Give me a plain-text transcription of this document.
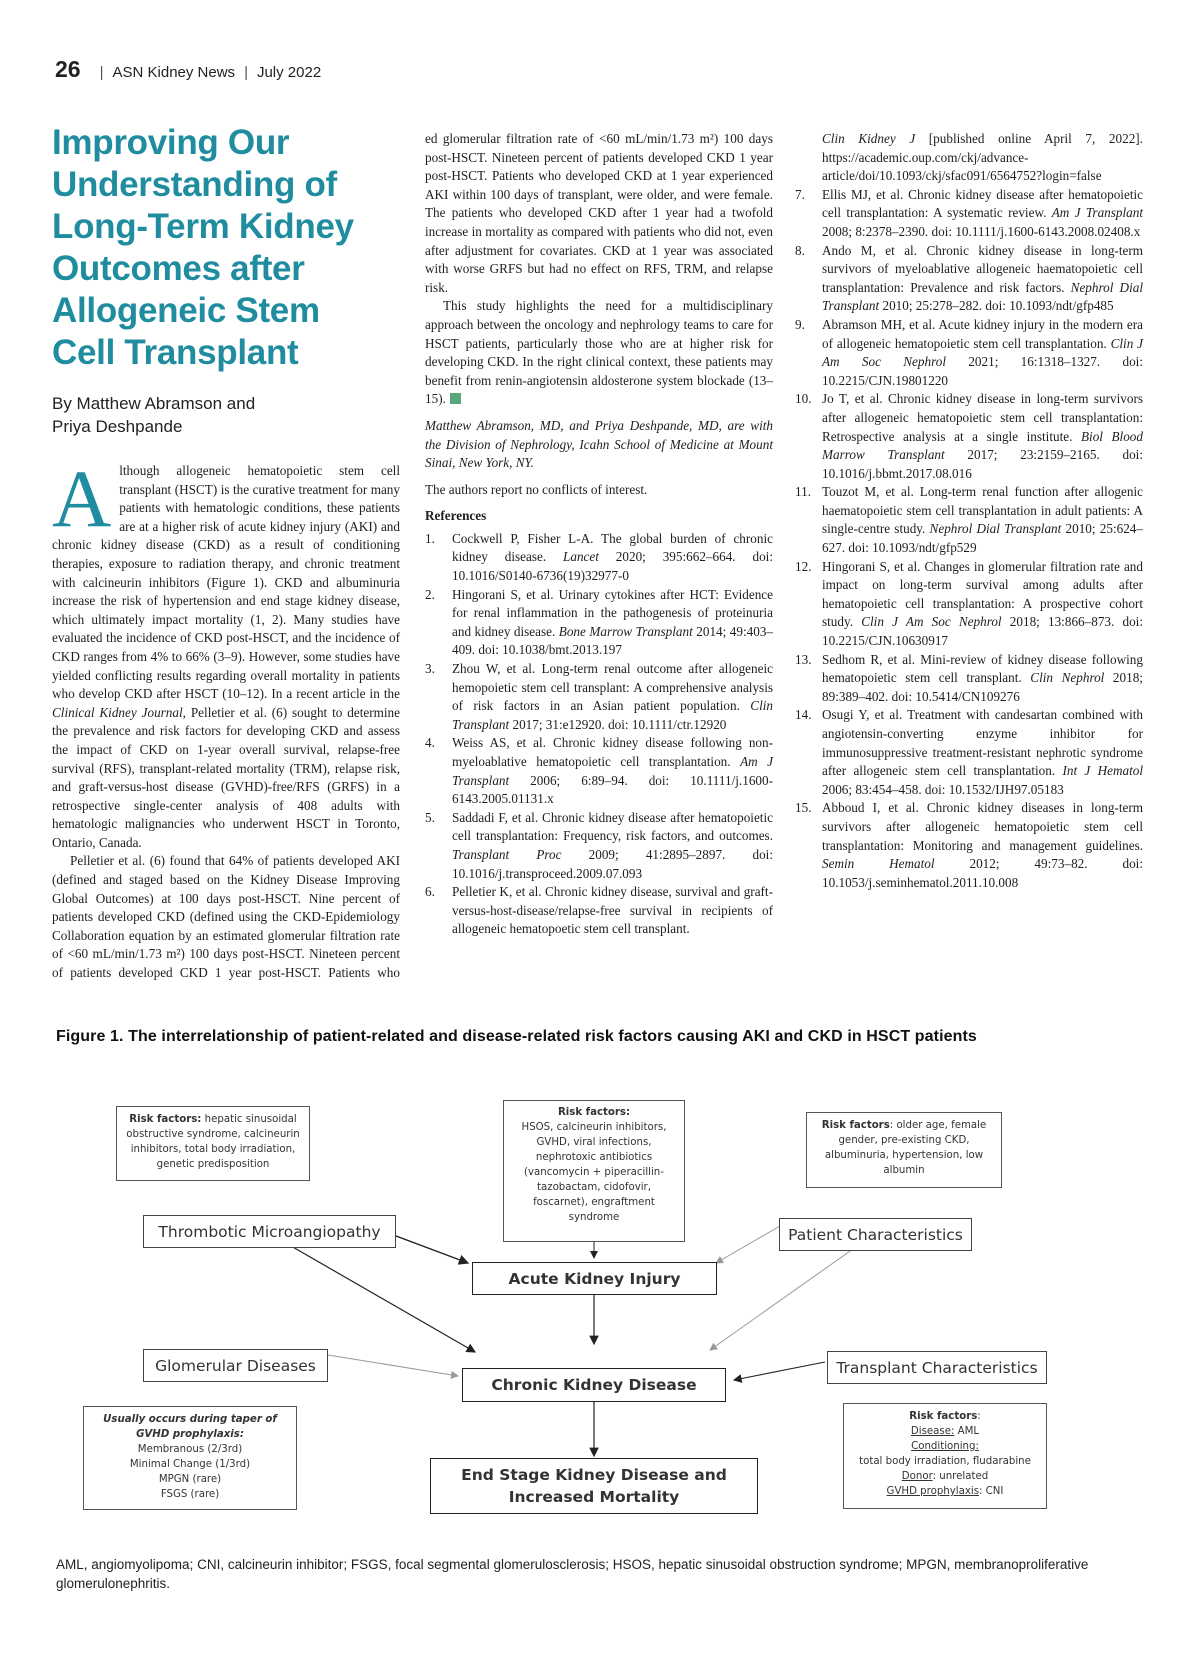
26 | ASN Kidney News | July 2022
Improving Our Understanding of Long-Term Kidney Outcomes after Allogeneic Stem Cell Transplant
By Matthew Abramson and
Priya Deshpande

Although allogeneic hematopoietic stem cell transplant (HSCT) is the curative treatment for many patients with hematologic conditions, these patients are at a higher risk of acute kidney injury (AKI) and chronic kidney disease (CKD) as a result of conditioning therapies, exposure to radiation therapy, and chronic treatment with calcineurin inhibitors (Figure 1). CKD and albuminuria increase the risk of hypertension and end stage kidney disease, which ultimately impact mortality (1, 2). Many studies have evaluated the incidence of CKD post-HSCT, and the incidence of CKD ranges from 4% to 66% (3–9). However, some studies have yielded conflicting results regarding overall mortality in patients who develop CKD after HSCT (10–12). In a recent article in the Clinical Kidney Journal, Pelletier et al. (6) sought to determine the prevalence and risk factors for developing CKD and assess the impact of CKD on 1-year overall survival, relapse-free survival (RFS), transplant-related mortality (TRM), relapse risk, and graft-versus-host disease (GVHD)-free/RFS (GRFS) in a retrospective single-center analysis of 408 adults with hematologic malignancies who underwent HSCT in Toronto, Ontario, Canada.

Pelletier et al. (6) found that 64% of patients developed AKI (defined and staged based on the Kidney Disease Improving Global Outcomes) at 100 days post-HSCT. Nine percent of patients developed CKD (defined using the CKD-Epidemiology Collaboration equation by an estimated glomerular filtration rate of <60 mL/min/1.73 m²) 100 days post-HSCT. Nineteen percent of patients developed CKD 1 year post-HSCT. Patients who

ed glomerular filtration rate of <60 mL/min/1.73 m²) 100 days post-HSCT. Nineteen percent of patients developed CKD 1 year post-HSCT. Patients who developed CKD at 1 year experienced AKI within 100 days of transplant, were older, and were female. The patients who developed CKD after 1 year had a twofold increase in mortality as compared with patients who did not, even after adjustment for covariates. CKD at 1 year was associated with worse GRFS but had no effect on RFS, TRM, and relapse risk.

This study highlights the need for a multidisciplinary approach between the oncology and nephrology teams to care for HSCT patients, particularly those who are at higher risk for developing CKD. In the right clinical context, these patients may benefit from renin-angiotensin aldosterone system blockade (13–15).

Matthew Abramson, MD, and Priya Deshpande, MD, are with the Division of Nephrology, Icahn School of Medicine at Mount Sinai, New York, NY.

The authors report no conflicts of interest.

References

1.	Cockwell P, Fisher L-A. The global burden of chronic kidney disease. Lancet 2020; 395:662–664. doi: 10.1016/S0140-6736(19)32977-0
2.	Hingorani S, et al. Urinary cytokines after HCT: Evidence for renal inflammation in the pathogenesis of proteinuria and kidney disease. Bone Marrow Transplant 2014; 49:403–409. doi: 10.1038/bmt.2013.197
3.	Zhou W, et al. Long-term renal outcome after allogeneic hemopoietic stem cell transplant: A comprehensive analysis of risk factors in an Asian patient population. Clin Transplant 2017; 31:e12920. doi: 10.1111/ctr.12920
4.	Weiss AS, et al. Chronic kidney disease following non-myeloablative hematopoietic cell transplantation. Am J Transplant 2006; 6:89–94. doi: 10.1111/j.1600-6143.2005.01131.x
5.	Saddadi F, et al. Chronic kidney disease after hematopoietic cell transplantation: Frequency, risk factors, and outcomes. Transplant Proc 2009; 41:2895–2897. doi: 10.1016/j.transproceed.2009.07.093
6.	Pelletier K, et al. Chronic kidney disease, survival and graft-versus-host-disease/relapse-free survival in recipients of allogeneic hematopoetic stem cell transplant.
Clin Kidney J [published online April 7, 2022]. https://academic.oup.com/ckj/advance-article/doi/10.1093/ckj/sfac091/6564752?login=false
7.	Ellis MJ, et al. Chronic kidney disease after hematopoietic cell transplantation: A systematic review. Am J Transplant 2008; 8:2378–2390. doi: 10.1111/j.1600-6143.2008.02408.x
8.	Ando M, et al. Chronic kidney disease in long-term survivors of myeloablative allogeneic haematopoietic cell transplantation: Prevalence and risk factors. Nephrol Dial Transplant 2010; 25:278–282. doi: 10.1093/ndt/gfp485
9.	Abramson MH, et al. Acute kidney injury in the modern era of allogeneic hematopoietic stem cell transplantation. Clin J Am Soc Nephrol 2021; 16:1318–1327. doi: 10.2215/CJN.19801220
10. Jo T, et al. Chronic kidney disease in long-term survivors after allogeneic hematopoietic stem cell transplantation: Retrospective analysis at a single institute. Biol Blood Marrow Transplant 2017; 23:2159–2165. doi: 10.1016/j.bbmt.2017.08.016
11. Touzot M, et al. Long-term renal function after allogenic haematopoietic stem cell transplantation in adult patients: A single-centre study. Nephrol Dial Transplant 2010; 25:624–627. doi: 10.1093/ndt/gfp529
12. Hingorani S, et al. Changes in glomerular filtration rate and impact on long-term survival among adults after hematopoietic cell transplantation: A prospective cohort study. Clin J Am Soc Nephrol 2018; 13:866–873. doi: 10.2215/CJN.10630917
13. Sedhom R, et al. Mini-review of kidney disease following hematopoietic stem cell transplant. Clin Nephrol 2018; 89:389–402. doi: 10.5414/CN109276
14. Osugi Y, et al. Treatment with candesartan combined with angiotensin-converting enzyme inhibitor for immunosuppressive treatment-resistant nephrotic syndrome after allogeneic stem cell transplantation. Int J Hematol 2006; 83:454–458. doi: 10.1532/IJH97.05183
15. Abboud I, et al. Chronic kidney diseases in long-term survivors after allogeneic hematopoietic stem cell transplantation: Monitoring and management guidelines. Semin Hematol 2012; 49:73–82. doi: 10.1053/j.seminhematol.2011.10.008
Figure 1. The interrelationship of patient-related and disease-related risk factors causing AKI and CKD in HSCT patients
Risk factors: hepatic sinusoidal obstructive syndrome, calcineurin inhibitors, total body irradiation, genetic predisposition
Risk factors:
HSOS, calcineurin inhibitors, GVHD, viral infections, nephrotoxic antibiotics (vancomycin + piperacillin-tazobactam, cidofovir, foscarnet), engraftment syndrome
Risk factors: older age, female gender, pre-existing CKD, albuminuria, hypertension, low albumin
Thrombotic Microangiopathy	Patient Characteristics
Acute Kidney Injury
Glomerular Diseases	Transplant Characteristics
Chronic Kidney Disease
Usually occurs during taper of GVHD prophylaxis:
Membranous (2/3rd)
Minimal Change (1/3rd)
MPGN (rare)
FSGS (rare)
End Stage Kidney Disease and
Increased Mortality
Risk factors:
Disease: AML
Conditioning:
total body irradiation, fludarabine
Donor: unrelated
GVHD prophylaxis: CNI
AML, angiomyolipoma; CNI, calcineurin inhibitor; FSGS, focal segmental glomerulosclerosis; HSOS, hepatic sinusoidal obstruction syndrome; MPGN, membranoproliferative glomerulonephritis.
